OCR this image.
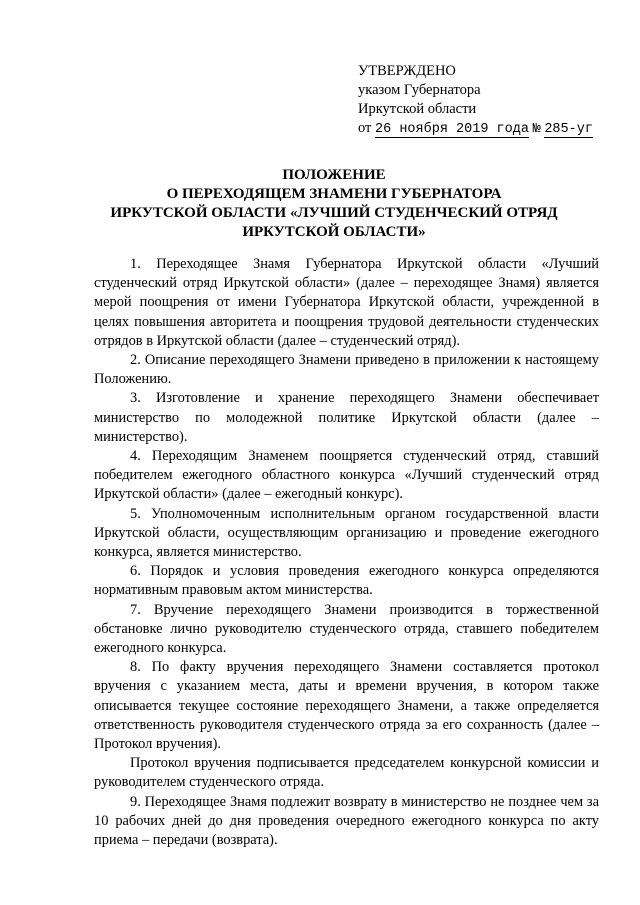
УТВЕРЖДЕНО
указом Губернатора
Иркутской области
от 26 ноября 2019 года № 285-уг
ПОЛОЖЕНИЕ
О ПЕРЕХОДЯЩЕМ ЗНАМЕНИ ГУБЕРНАТОРА
ИРКУТСКОЙ ОБЛАСТИ «ЛУЧШИЙ СТУДЕНЧЕСКИЙ ОТРЯД
ИРКУТСКОЙ ОБЛАСТИ»

1. Переходящее Знамя Губернатора Иркутской области «Лучший студенческий отряд Иркутской области» (далее – переходящее Знамя) является мерой поощрения от имени Губернатора Иркутской области, учрежденной в целях повышения авторитета и поощрения трудовой деятельности студенческих отрядов в Иркутской области (далее – студенческий отряд).

2. Описание переходящего Знамени приведено в приложении к настоящему Положению.

3. Изготовление и хранение переходящего Знамени обеспечивает министерство по молодежной политике Иркутской области (далее – министерство).

4. Переходящим Знаменем поощряется студенческий отряд, ставший победителем ежегодного областного конкурса «Лучший студенческий отряд Иркутской области» (далее – ежегодный конкурс).

5. Уполномоченным исполнительным органом государственной власти Иркутской области, осуществляющим организацию и проведение ежегодного конкурса, является министерство.

6. Порядок и условия проведения ежегодного конкурса определяются нормативным правовым актом министерства.

7. Вручение переходящего Знамени производится в торжественной обстановке лично руководителю студенческого отряда, ставшего победителем ежегодного конкурса.

8. По факту вручения переходящего Знамени составляется протокол вручения с указанием места, даты и времени вручения, в котором также описывается текущее состояние переходящего Знамени, а также определяется ответственность руководителя студенческого отряда за его сохранность (далее – Протокол вручения).

Протокол вручения подписывается председателем конкурсной комиссии и руководителем студенческого отряда.

9. Переходящее Знамя подлежит возврату в министерство не позднее чем за 10 рабочих дней до дня проведения очередного ежегодного конкурса по акту приема – передачи (возврата).
